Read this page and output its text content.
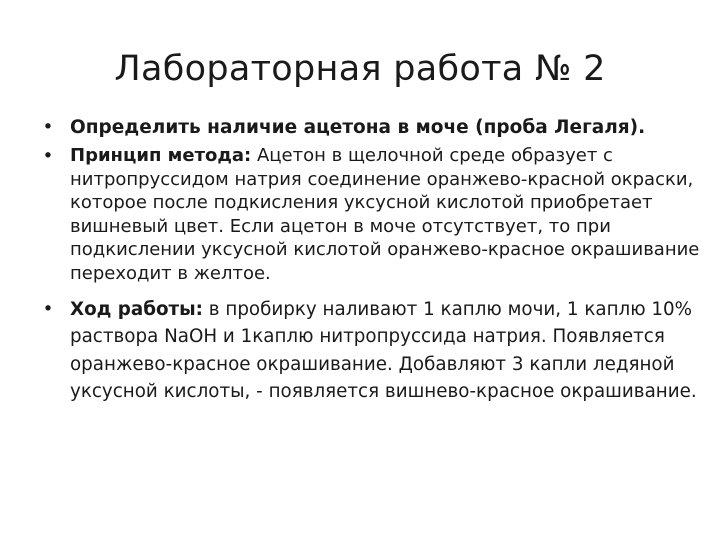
Лабораторная работа № 2
• Определить наличие ацетона в моче (проба Легаля).
• Принцип метода: Ацетон в щелочной среде образует с нитропруссидом натрия соединение оранжево-красной окраски, которое после подкисления уксусной кислотой приобретает вишневый цвет. Если ацетон в моче отсутствует, то при подкислении уксусной кислотой оранжево-красное окрашивание переходит в желтое.
• Ход работы: в пробирку наливают 1 каплю мочи, 1 каплю 10% раствора NaOH и 1каплю нитропруссида натрия. Появляется оранжево-красное окрашивание. Добавляют 3 капли ледяной уксусной кислоты, - появляется вишнево-красное окрашивание.
